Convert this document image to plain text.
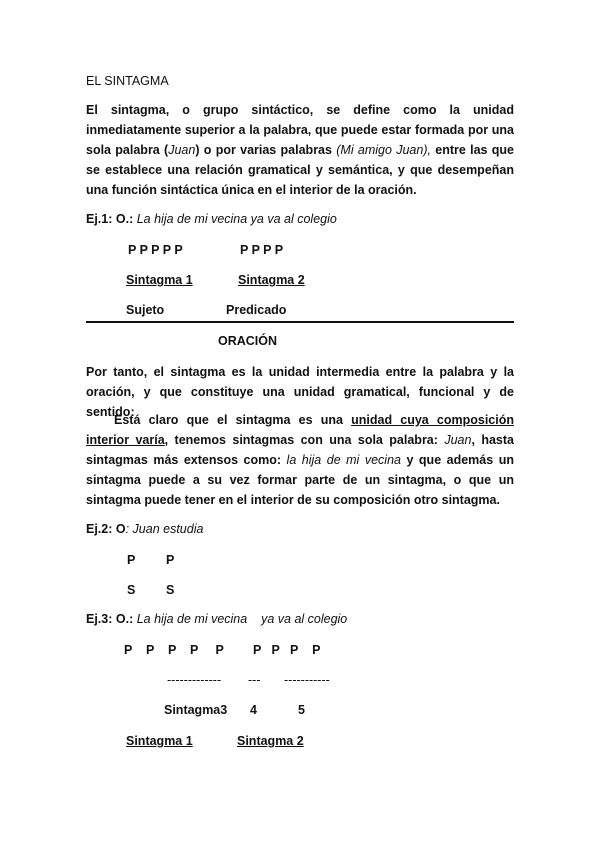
EL SINTAGMA
El sintagma, o grupo sintáctico, se define como la unidad inmediatamente superior a la palabra, que puede estar formada por una sola palabra (Juan) o por varias palabras (Mi amigo Juan), entre las que se establece una relación gramatical y semántica, y que desempeñan una función sintáctica única en el interior de la oración.
Ej.1: O.: La hija de mi vecina ya va al colegio
P P P P P	P P P P
Sintagma 1	Sintagma 2
Sujeto	Predicado
ORACIÓN
Por tanto, el sintagma es la unidad intermedia entre la palabra y la oración, y que constituye una unidad gramatical, funcional y de sentido:
Está claro que el sintagma es una unidad cuya composición interior varía, tenemos sintagmas con una sola palabra: Juan, hasta sintagmas más extensos como: la hija de mi vecina y que además un sintagma puede a su vez formar parte de un sintagma, o que un sintagma puede tener en el interior de su composición otro sintagma.
Ej.2: O: Juan estudia
P P
S S
Ej.3: O.: La hija de mi vecina    ya va al colegio
P    P    P    P     P P   P   P    P
------------- --- -----------
Sintagma3 4	5
Sintagma 1	Sintagma 2
